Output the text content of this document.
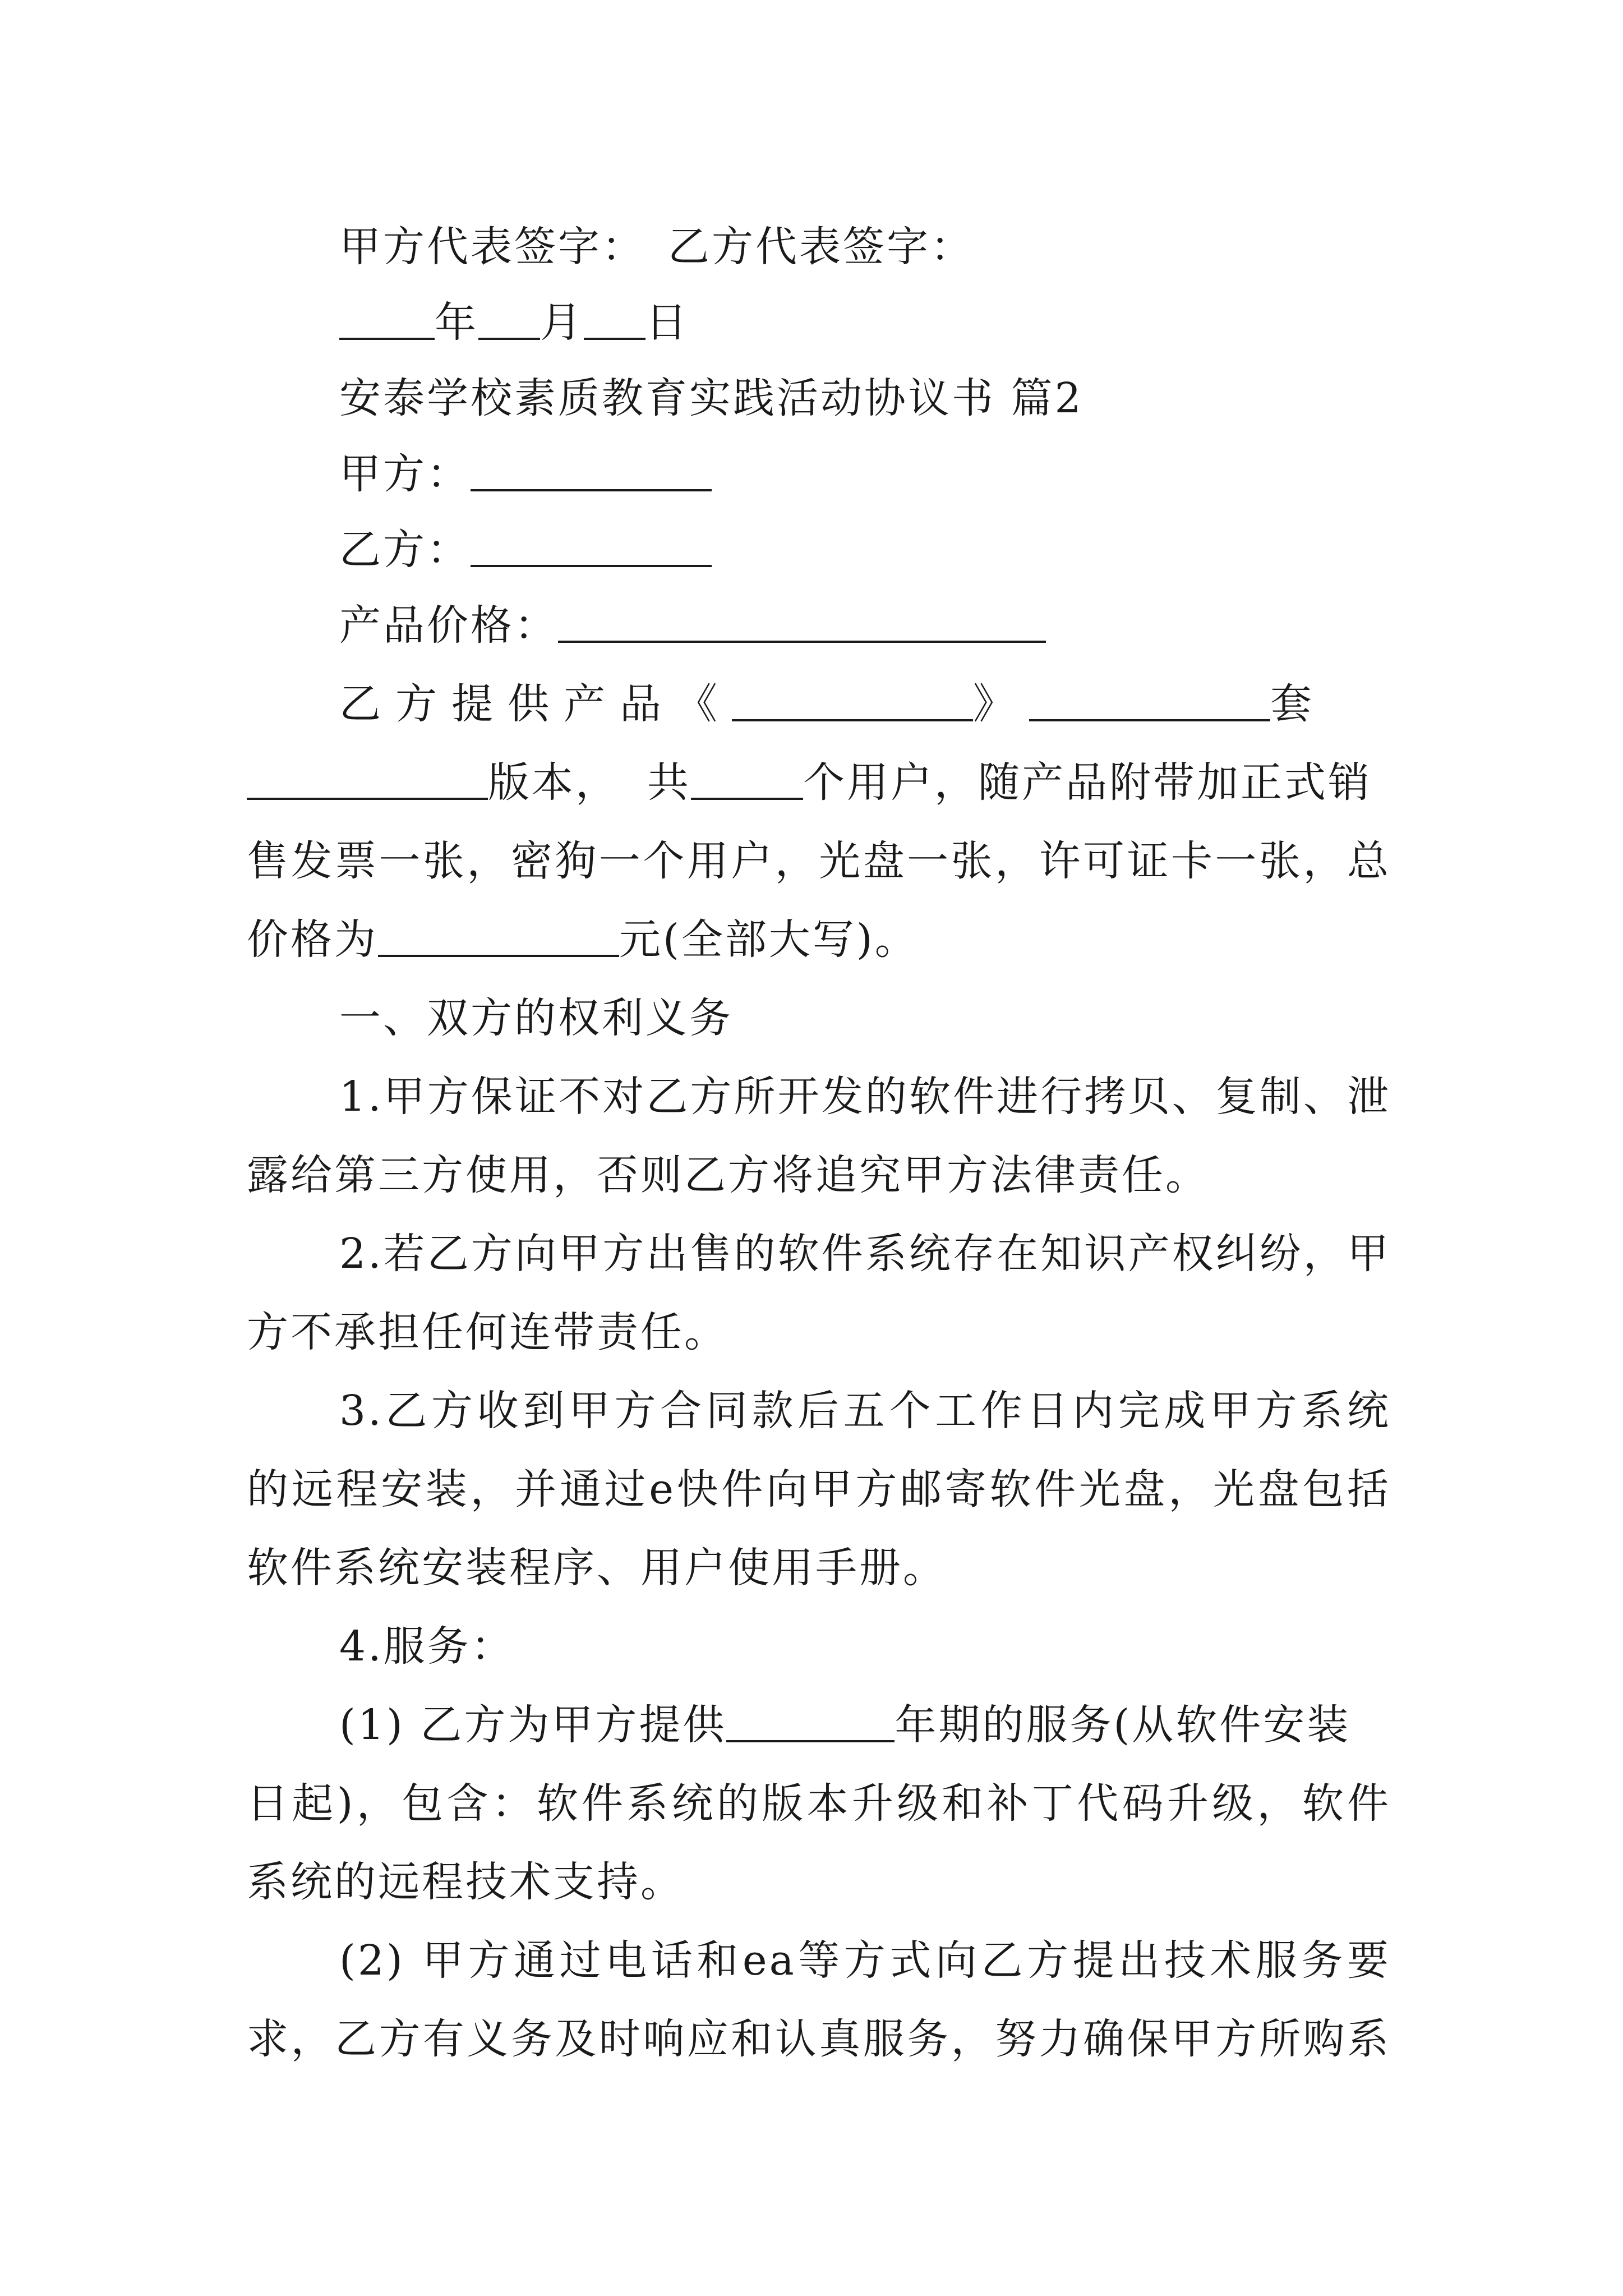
甲方代表签字： 乙方代表签字：
年 月 日
安泰学校素质教育实践活动协议书 篇2
甲方：
乙方：
产品价格：
乙方提供产品《	》	套
版本， 共	个用户，随产品附带加正式销
售发票一张，密狗一个用户，光盘一张，许可证卡一张，总
价格为	元(全部大写)。
一、双方的权利义务
1.甲方保证不对乙方所开发的软件进行拷贝、复制、泄
露给第三方使用，否则乙方将追究甲方法律责任。
2.若乙方向甲方出售的软件系统存在知识产权纠纷，甲
方不承担任何连带责任。
3.乙方收到甲方合同款后五个工作日内完成甲方系统
的远程安装，并通过e快件向甲方邮寄软件光盘，光盘包括
软件系统安装程序、用户使用手册。
4.服务：
(1) 乙方为甲方提供	年期的服务(从软件安装
日起)，包含：软件系统的版本升级和补丁代码升级，软件
系统的远程技术支持。
(2) 甲方通过电话和ea等方式向乙方提出技术服务要
求，乙方有义务及时响应和认真服务，努力确保甲方所购系
